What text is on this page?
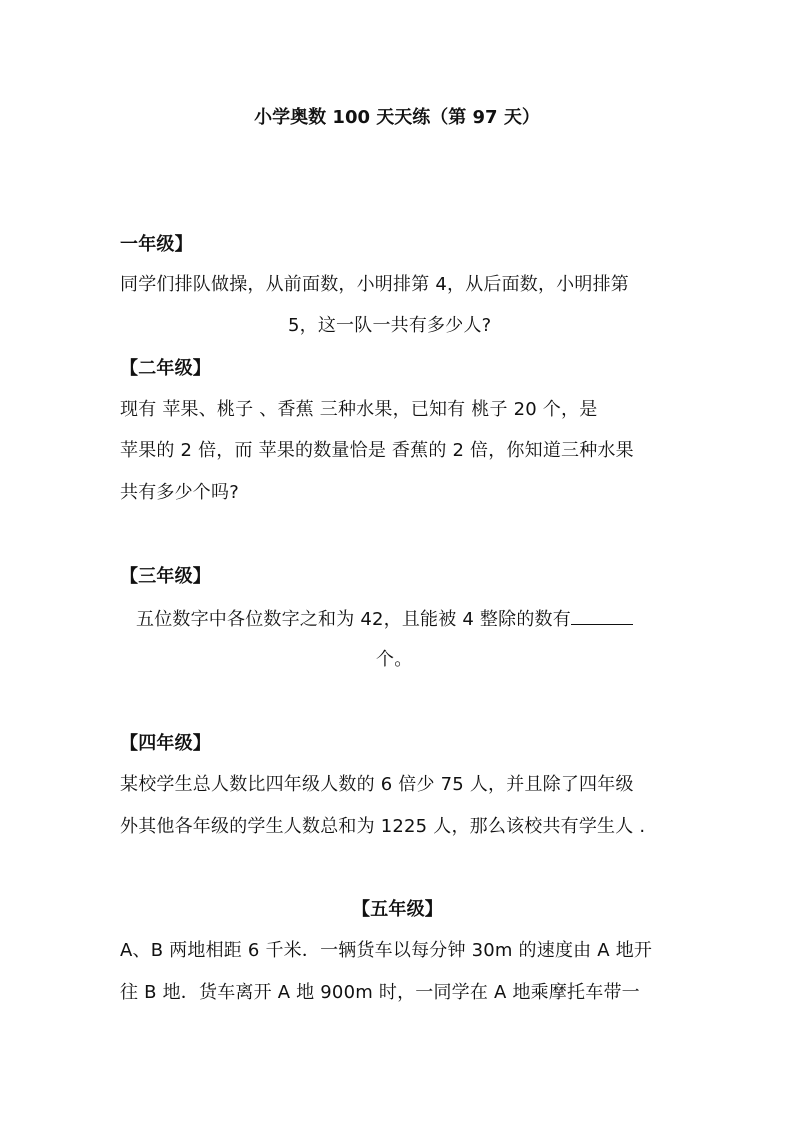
小学奥数 100 天天练（第 97 天）
一年级】
同学们排队做操，从前面数，小明排第 4，从后面数，小明排第
5，这一队一共有多少人?
【二年级】
现有 苹果、桃子 、香蕉 三种水果，已知有 桃子 20 个，是
苹果的 2 倍，而 苹果的数量恰是 香蕉的 2 倍，你知道三种水果
共有多少个吗?
【三年级】
五位数字中各位数字之和为 42，且能被 4 整除的数有
个。
【四年级】
某校学生总人数比四年级人数的 6 倍少 75 人，并且除了四年级
外其他各年级的学生人数总和为 1225 人，那么该校共有学生人 .
【五年级】
A、B 两地相距 6 千米．一辆货车以每分钟 30m 的速度由 A 地开
往 B 地．货车离开 A 地 900m 时，一同学在 A 地乘摩托车带一
